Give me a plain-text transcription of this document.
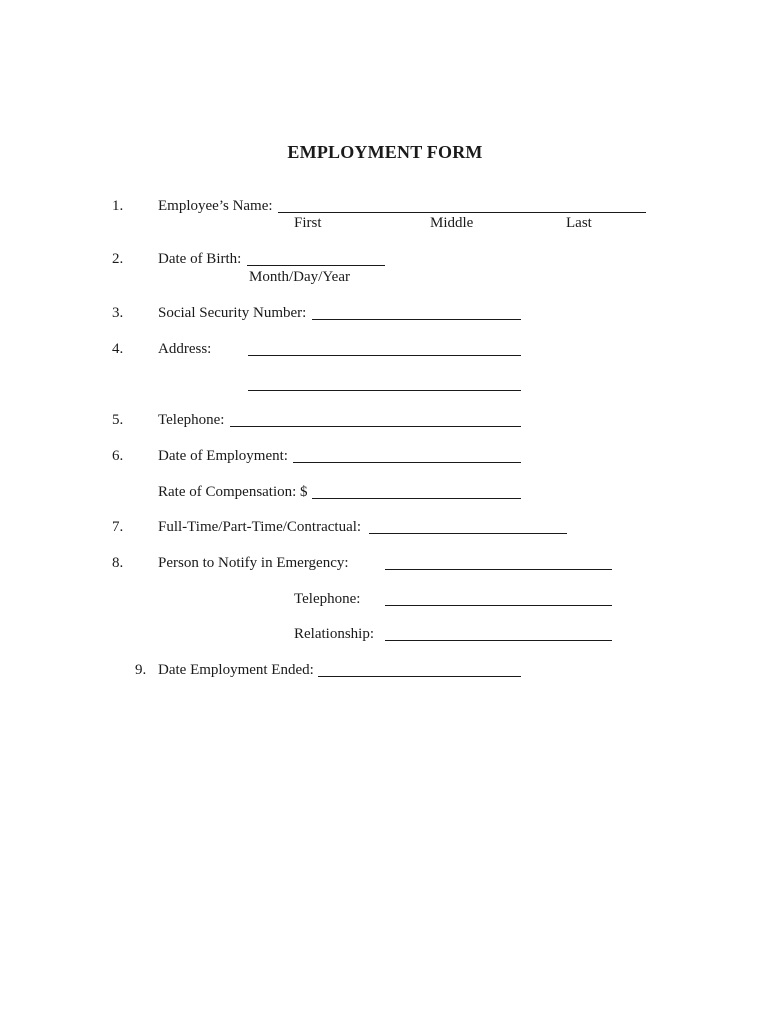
EMPLOYMENT FORM
1. Employee’s Name:
First	Middle	Last
2. Date of Birth:
Month/Day/Year
3. Social Security Number:
4. Address:
5. Telephone:
6. Date of Employment:
Rate of Compensation: $
7. Full-Time/Part-Time/Contractual:
8. Person to Notify in Emergency:
Telephone:
Relationship:
9. Date Employment Ended:
